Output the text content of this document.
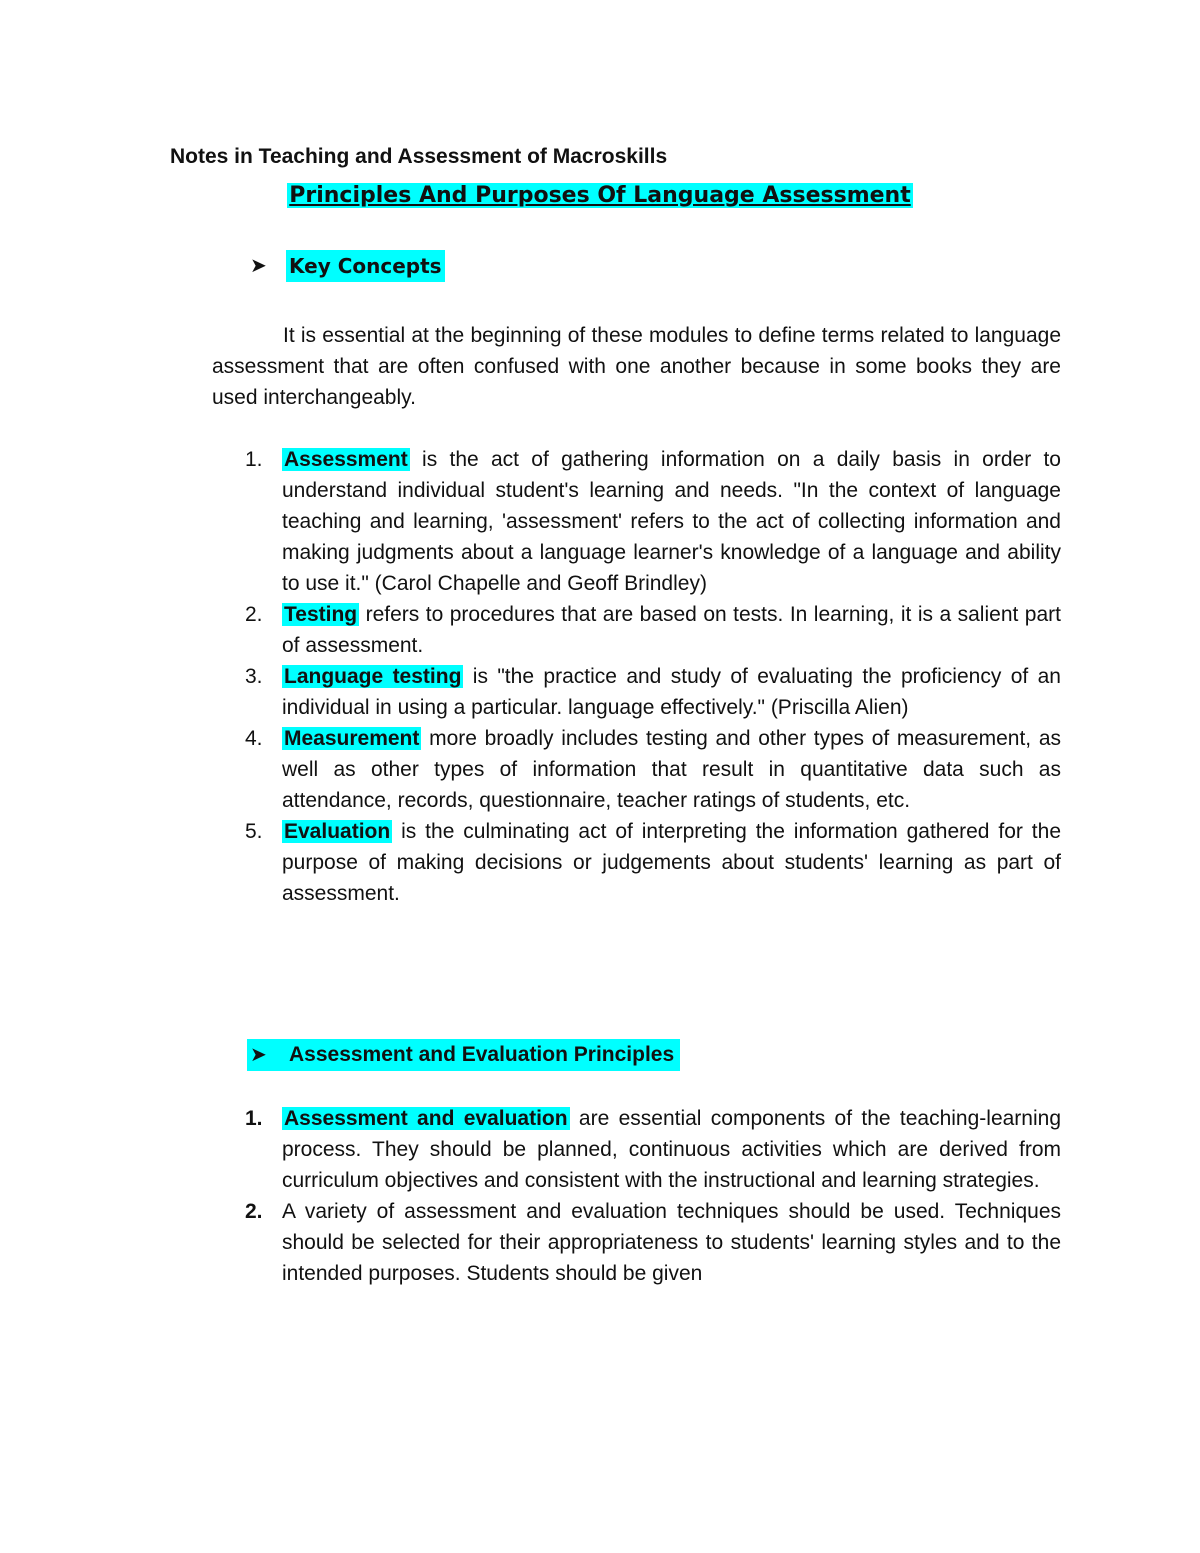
Notes in Teaching and Assessment of Macroskills
Principles And Purposes Of Language Assessment
➤	Key Concepts

It is essential at the beginning of these modules to define terms related to language assessment that are often confused with one another because in some books they are used interchangeably.

1.	Assessment is the act of gathering information on a daily basis in order to understand individual student's learning and needs. "In the context of language teaching and learning, 'assessment' refers to the act of collecting information and making judgments about a language learner's knowledge of a language and ability to use it." (Carol Chapelle and Geoff Brindley)
2.	Testing refers to procedures that are based on tests. In learning, it is a salient part of assessment.
3.	Language testing is "the practice and study of evaluating the proficiency of an individual in using a particular. language effectively." (Priscilla Alien)
4.	Measurement more broadly includes testing and other types of measurement, as well as other types of information that result in quantitative data such as attendance, records, questionnaire, teacher ratings of students, etc.
5.	Evaluation is the culminating act of interpreting the information gathered for the purpose of making decisions or judgements about students' learning as part of assessment.
➤	Assessment and Evaluation Principles
1.	Assessment and evaluation are essential components of the teaching-learning process. They should be planned, continuous activities which are derived from curriculum objectives and consistent with the instructional and learning strategies.
2. A variety of assessment and evaluation techniques should be used. Techniques should be selected for their appropriateness to students' learning styles and to the intended purposes. Students should be given
